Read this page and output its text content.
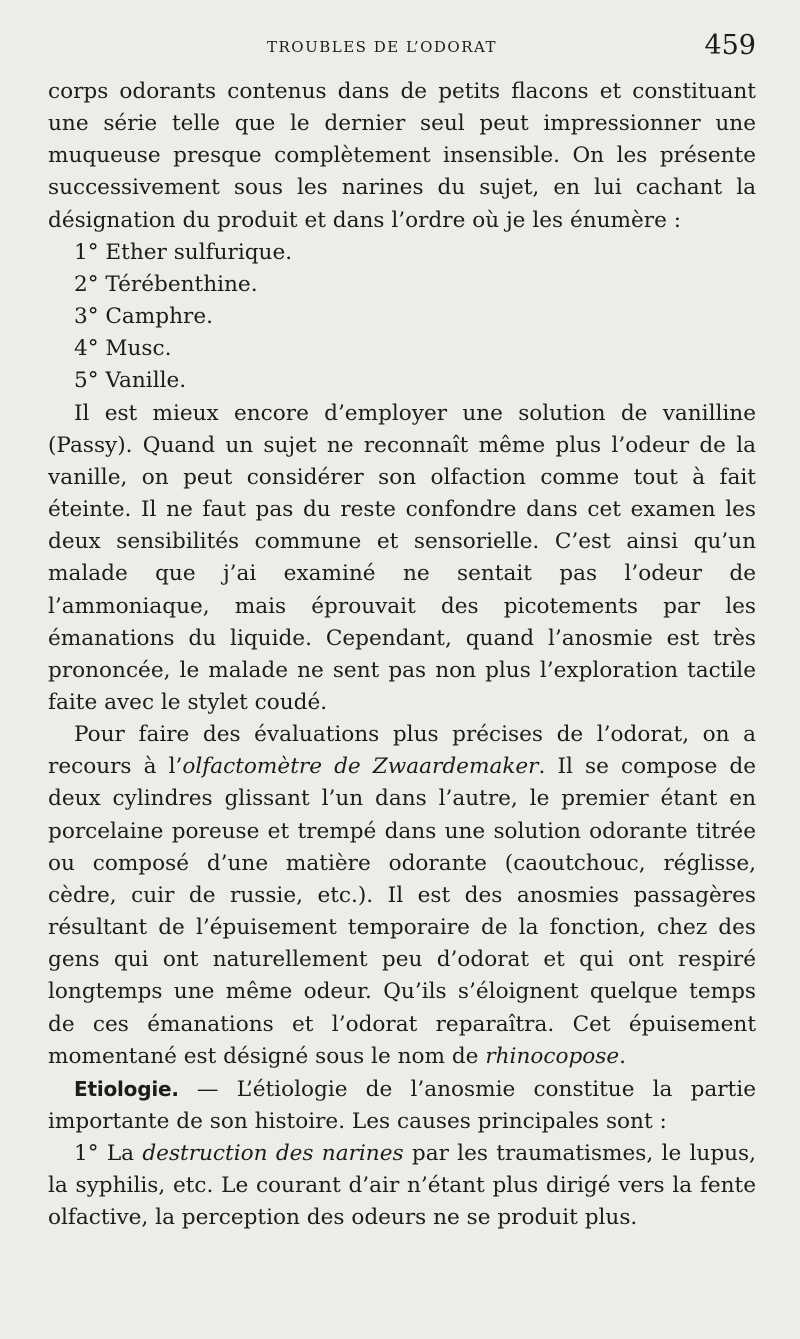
TROUBLES DE L’ODORAT	459

corps odorants contenus dans de petits flacons et constituant une série telle que le dernier seul peut impressionner une muqueuse presque complètement insensible. On les présente successivement sous les narines du sujet, en lui cachant la désignation du produit et dans l’ordre où je les énumère :

1° Ether sulfurique.

2° Térébenthine.

3° Camphre.

4° Musc.

5° Vanille.

Il est mieux encore d’employer une solution de vanilline (Passy). Quand un sujet ne reconnaît même plus l’odeur de la vanille, on peut considérer son olfaction comme tout à fait éteinte. Il ne faut pas du reste confondre dans cet examen les deux sensibilités commune et sensorielle. C’est ainsi qu’un malade que j’ai examiné ne sentait pas l’odeur de l’ammoniaque, mais éprouvait des picotements par les émanations du liquide. Cependant, quand l’anosmie est très prononcée, le malade ne sent pas non plus l’exploration tactile faite avec le stylet coudé.

Pour faire des évaluations plus précises de l’odorat, on a recours à l’olfactomètre de Zwaardemaker. Il se compose de deux cylindres glissant l’un dans l’autre, le premier étant en porcelaine poreuse et trempé dans une solution odorante titrée ou composé d’une matière odorante (caoutchouc, réglisse, cèdre, cuir de russie, etc.). Il est des anosmies passagères résultant de l’épuisement temporaire de la fonction, chez des gens qui ont naturellement peu d’odorat et qui ont respiré longtemps une même odeur. Qu’ils s’éloignent quelque temps de ces émanations et l’odorat reparaîtra. Cet épuisement momentané est désigné sous le nom de rhinocopose.

Etiologie. — L’étiologie de l’anosmie constitue la partie importante de son histoire. Les causes principales sont :

1° La destruction des narines par les traumatismes, le lupus, la syphilis, etc. Le courant d’air n’étant plus dirigé vers la fente olfactive, la perception des odeurs ne se produit plus.
